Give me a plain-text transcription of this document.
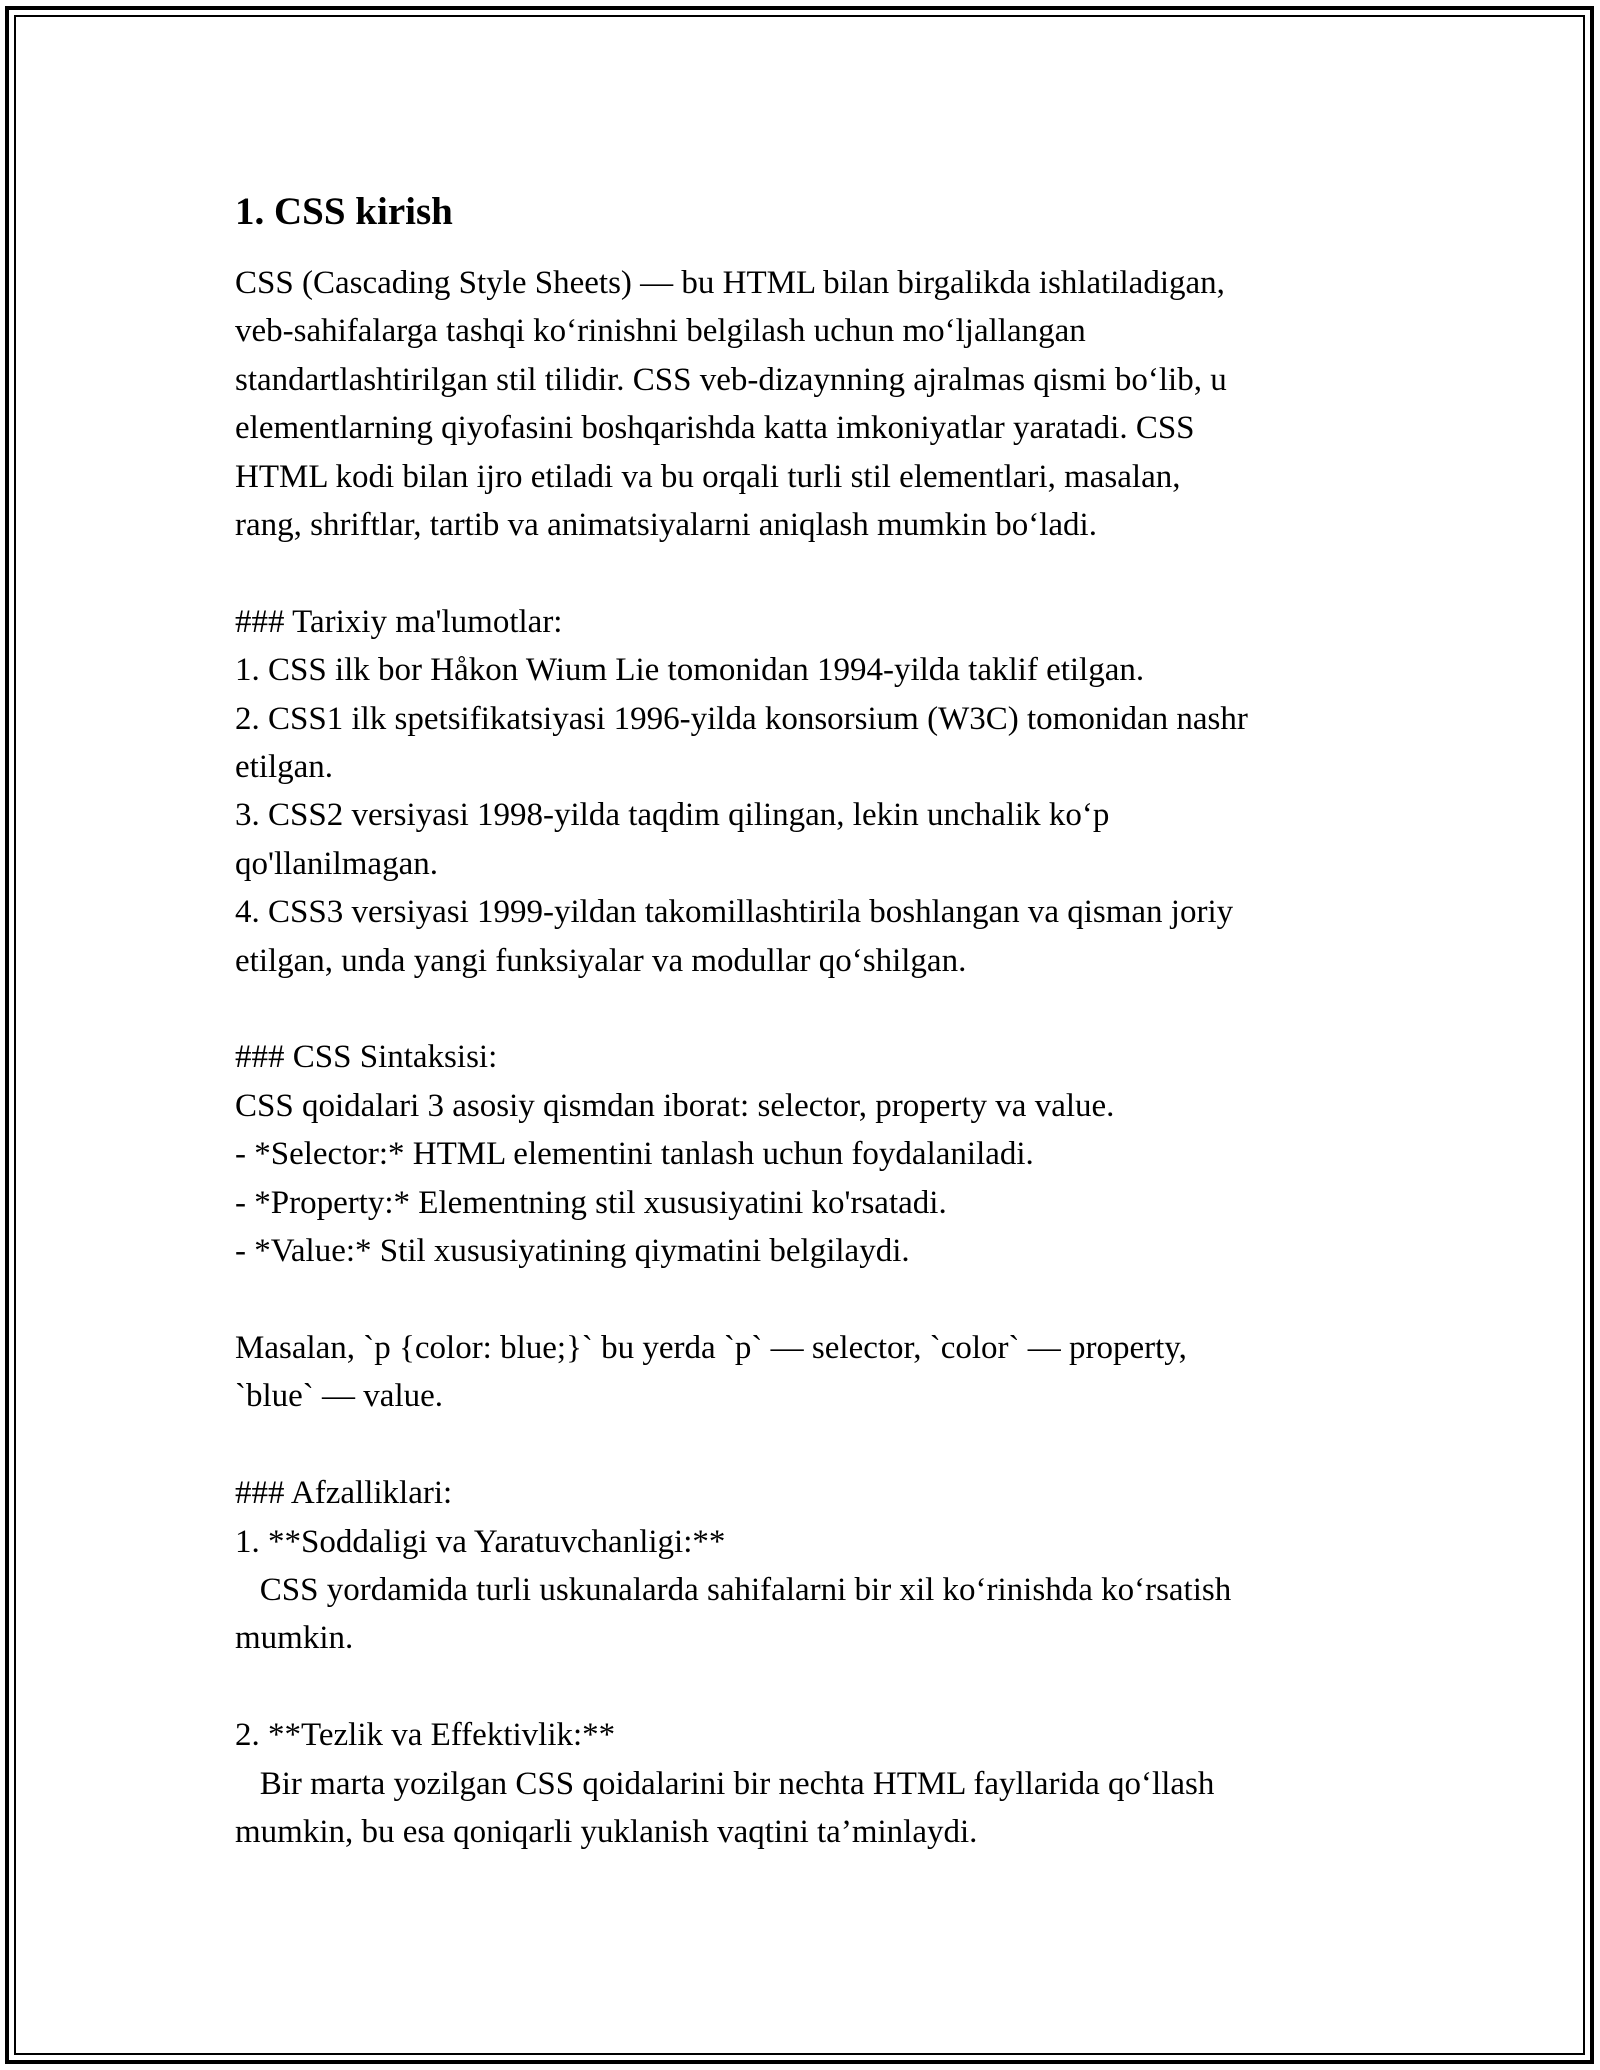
1. CSS kirish

CSS (Cascading Style Sheets) — bu HTML bilan birgalikda ishlatiladigan,

veb-sahifalarga tashqi ko‘rinishni belgilash uchun mo‘ljallangan

standartlashtirilgan stil tilidir. CSS veb-dizaynning ajralmas qismi bo‘lib, u

elementlarning qiyofasini boshqarishda katta imkoniyatlar yaratadi. CSS

HTML kodi bilan ijro etiladi va bu orqali turli stil elementlari, masalan,

rang, shriftlar, tartib va animatsiyalarni aniqlash mumkin bo‘ladi.

### Tarixiy ma'lumotlar:

1. CSS ilk bor Håkon Wium Lie tomonidan 1994-yilda taklif etilgan.

2. CSS1 ilk spetsifikatsiyasi 1996-yilda konsorsium (W3C) tomonidan nashr

etilgan.

3. CSS2 versiyasi 1998-yilda taqdim qilingan, lekin unchalik ko‘p

qo'llanilmagan.

4. CSS3 versiyasi 1999-yildan takomillashtirila boshlangan va qisman joriy

etilgan, unda yangi funksiyalar va modullar qo‘shilgan.

### CSS Sintaksisi:

CSS qoidalari 3 asosiy qismdan iborat: selector, property va value.

- *Selector:* HTML elementini tanlash uchun foydalaniladi.

- *Property:* Elementning stil xususiyatini ko'rsatadi.

- *Value:* Stil xususiyatining qiymatini belgilaydi.

Masalan, `p {color: blue;}` bu yerda `p` — selector, `color` — property,

`blue` — value.

### Afzalliklari:

1. **Soddaligi va Yaratuvchanligi:**

CSS yordamida turli uskunalarda sahifalarni bir xil ko‘rinishda ko‘rsatish

mumkin.

2. **Tezlik va Effektivlik:**

Bir marta yozilgan CSS qoidalarini bir nechta HTML fayllarida qo‘llash

mumkin, bu esa qoniqarli yuklanish vaqtini ta’minlaydi.
